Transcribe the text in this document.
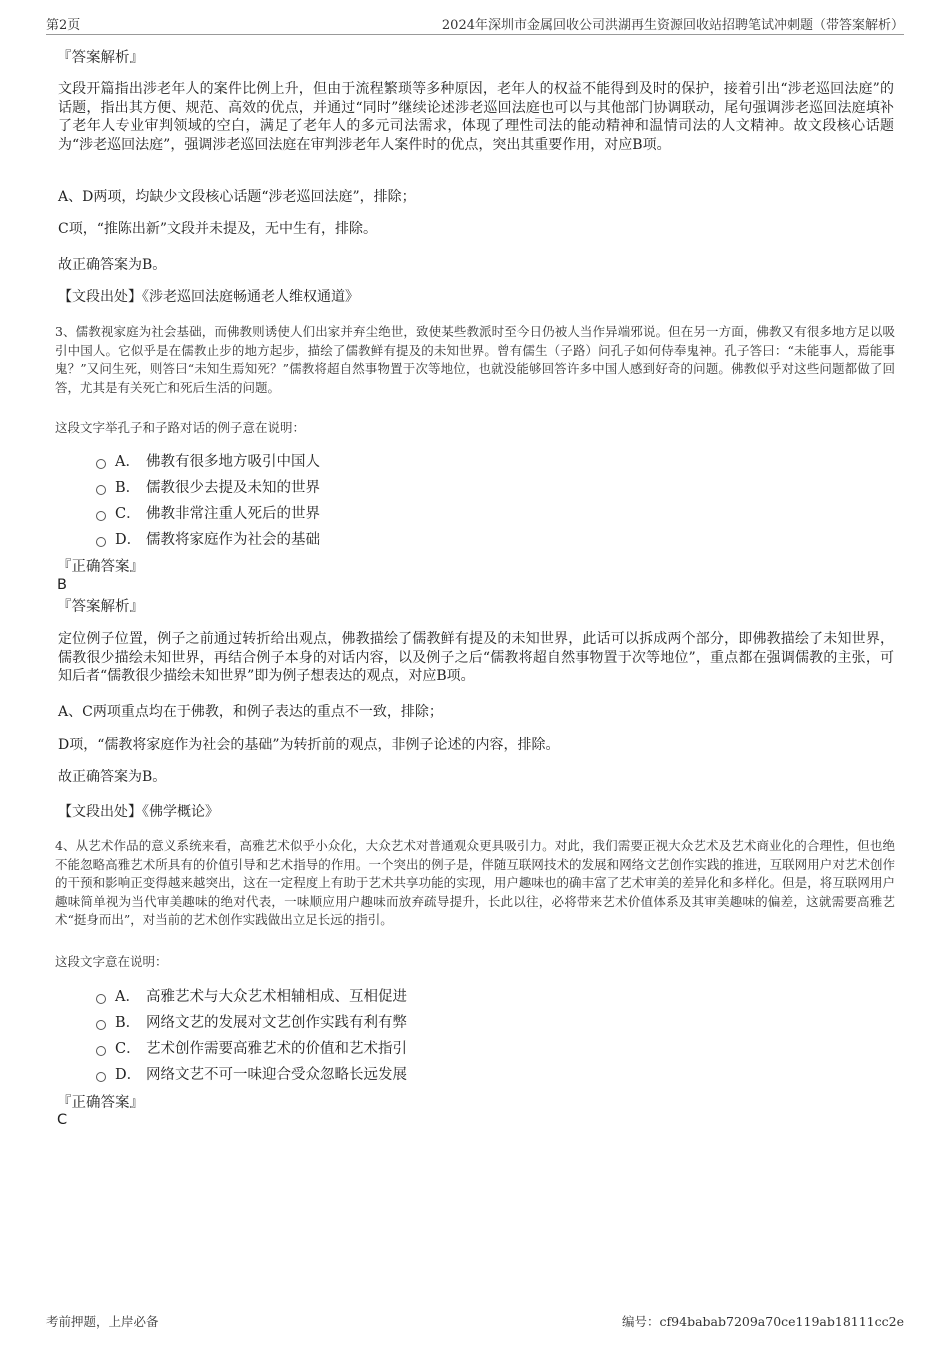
第2页	2024年深圳市金属回收公司洪湖再生资源回收站招聘笔试冲刺题（带答案解析）
『答案解析』
文段开篇指出涉老年人的案件比例上升，但由于流程繁琐等多种原因，老年人的权益不能得到及时的保护，接着引出“涉老巡回法庭”的话题，指出其方便、规范、高效的优点，并通过“同时”继续论述涉老巡回法庭也可以与其他部门协调联动，尾句强调涉老巡回法庭填补了老年人专业审判领域的空白，满足了老年人的多元司法需求，体现了理性司法的能动精神和温情司法的人文精神。故文段核心话题为“涉老巡回法庭”，强调涉老巡回法庭在审判涉老年人案件时的优点，突出其重要作用，对应B项。
A、D两项，均缺少文段核心话题“涉老巡回法庭”，排除；
C项，“推陈出新”文段并未提及，无中生有，排除。
故正确答案为B。
【文段出处】《涉老巡回法庭畅通老人维权通道》
3、儒教视家庭为社会基础，而佛教则诱使人们出家并弃尘绝世，致使某些教派时至今日仍被人当作异端邪说。但在另一方面，佛教又有很多地方足以吸引中国人。它似乎是在儒教止步的地方起步，描绘了儒教鲜有提及的未知世界。曾有儒生（子路）问孔子如何侍奉鬼神。孔子答曰：“未能事人，焉能事鬼？”又问生死，则答曰“未知生焉知死？”儒教将超自然事物置于次等地位，也就没能够回答许多中国人感到好奇的问题。佛教似乎对这些问题都做了回答，尤其是有关死亡和死后生活的问题。
这段文字举孔子和子路对话的例子意在说明：
A． 佛教有很多地方吸引中国人
B． 儒教很少去提及未知的世界
C． 佛教非常注重人死后的世界
D． 儒教将家庭作为社会的基础
『正确答案』
B
『答案解析』
定位例子位置，例子之前通过转折给出观点，佛教描绘了儒教鲜有提及的未知世界，此话可以拆成两个部分，即佛教描绘了未知世界，儒教很少描绘未知世界，再结合例子本身的对话内容，以及例子之后“儒教将超自然事物置于次等地位”，重点都在强调儒教的主张，可知后者“儒教很少描绘未知世界”即为例子想表达的观点，对应B项。
A、C两项重点均在于佛教，和例子表达的重点不一致，排除；
D项，“儒教将家庭作为社会的基础”为转折前的观点，非例子论述的内容，排除。
故正确答案为B。
【文段出处】《佛学概论》
4、从艺术作品的意义系统来看，高雅艺术似乎小众化，大众艺术对普通观众更具吸引力。对此，我们需要正视大众艺术及艺术商业化的合理性，但也绝不能忽略高雅艺术所具有的价值引导和艺术指导的作用。一个突出的例子是，伴随互联网技术的发展和网络文艺创作实践的推进，互联网用户对艺术创作的干预和影响正变得越来越突出，这在一定程度上有助于艺术共享功能的实现，用户趣味也的确丰富了艺术审美的差异化和多样化。但是，将互联网用户趣味简单视为当代审美趣味的绝对代表，一味顺应用户趣味而放弃疏导提升，长此以往，必将带来艺术价值体系及其审美趣味的偏差，这就需要高雅艺术“挺身而出”，对当前的艺术创作实践做出立足长远的指引。
这段文字意在说明：
A． 高雅艺术与大众艺术相辅相成、互相促进
B． 网络文艺的发展对文艺创作实践有利有弊
C． 艺术创作需要高雅艺术的价值和艺术指引
D． 网络文艺不可一味迎合受众忽略长远发展
『正确答案』
C
考前押题，上岸必备	编号：cf94babab7209a70ce119ab18111cc2e
